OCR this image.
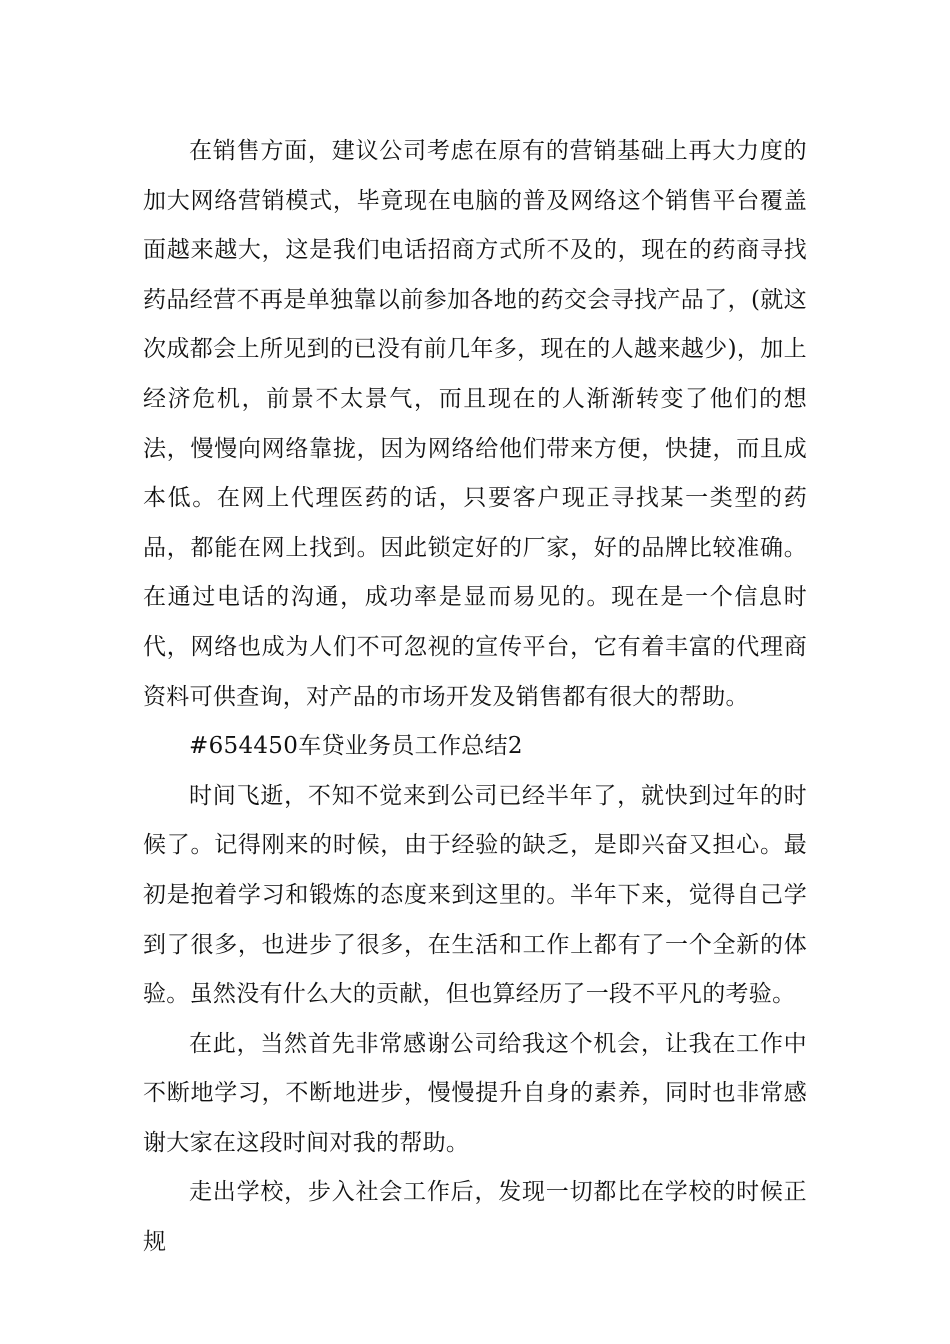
在销售方面，建议公司考虑在原有的营销基础上再大力度的加大网络营销模式，毕竟现在电脑的普及网络这个销售平台覆盖面越来越大，这是我们电话招商方式所不及的，现在的药商寻找药品经营不再是单独靠以前参加各地的药交会寻找产品了，(就这次成都会上所见到的已没有前几年多，现在的人越来越少)，加上经济危机，前景不太景气，而且现在的人渐渐转变了他们的想法，慢慢向网络靠拢，因为网络给他们带来方便，快捷，而且成本低。在网上代理医药的话，只要客户现正寻找某一类型的药品，都能在网上找到。因此锁定好的厂家，好的品牌比较准确。在通过电话的沟通，成功率是显而易见的。现在是一个信息时代，网络也成为人们不可忽视的宣传平台，它有着丰富的代理商资料可供查询，对产品的市场开发及销售都有很大的帮助。

#654450车贷业务员工作总结2

时间飞逝，不知不觉来到公司已经半年了，就快到过年的时候了。记得刚来的时候，由于经验的缺乏，是即兴奋又担心。最初是抱着学习和锻炼的态度来到这里的。半年下来，觉得自己学到了很多，也进步了很多，在生活和工作上都有了一个全新的体验。虽然没有什么大的贡献，但也算经历了一段不平凡的考验。

在此，当然首先非常感谢公司给我这个机会，让我在工作中不断地学习，不断地进步，慢慢提升自身的素养，同时也非常感谢大家在这段时间对我的帮助。

走出学校，步入社会工作后，发现一切都比在学校的时候正规
